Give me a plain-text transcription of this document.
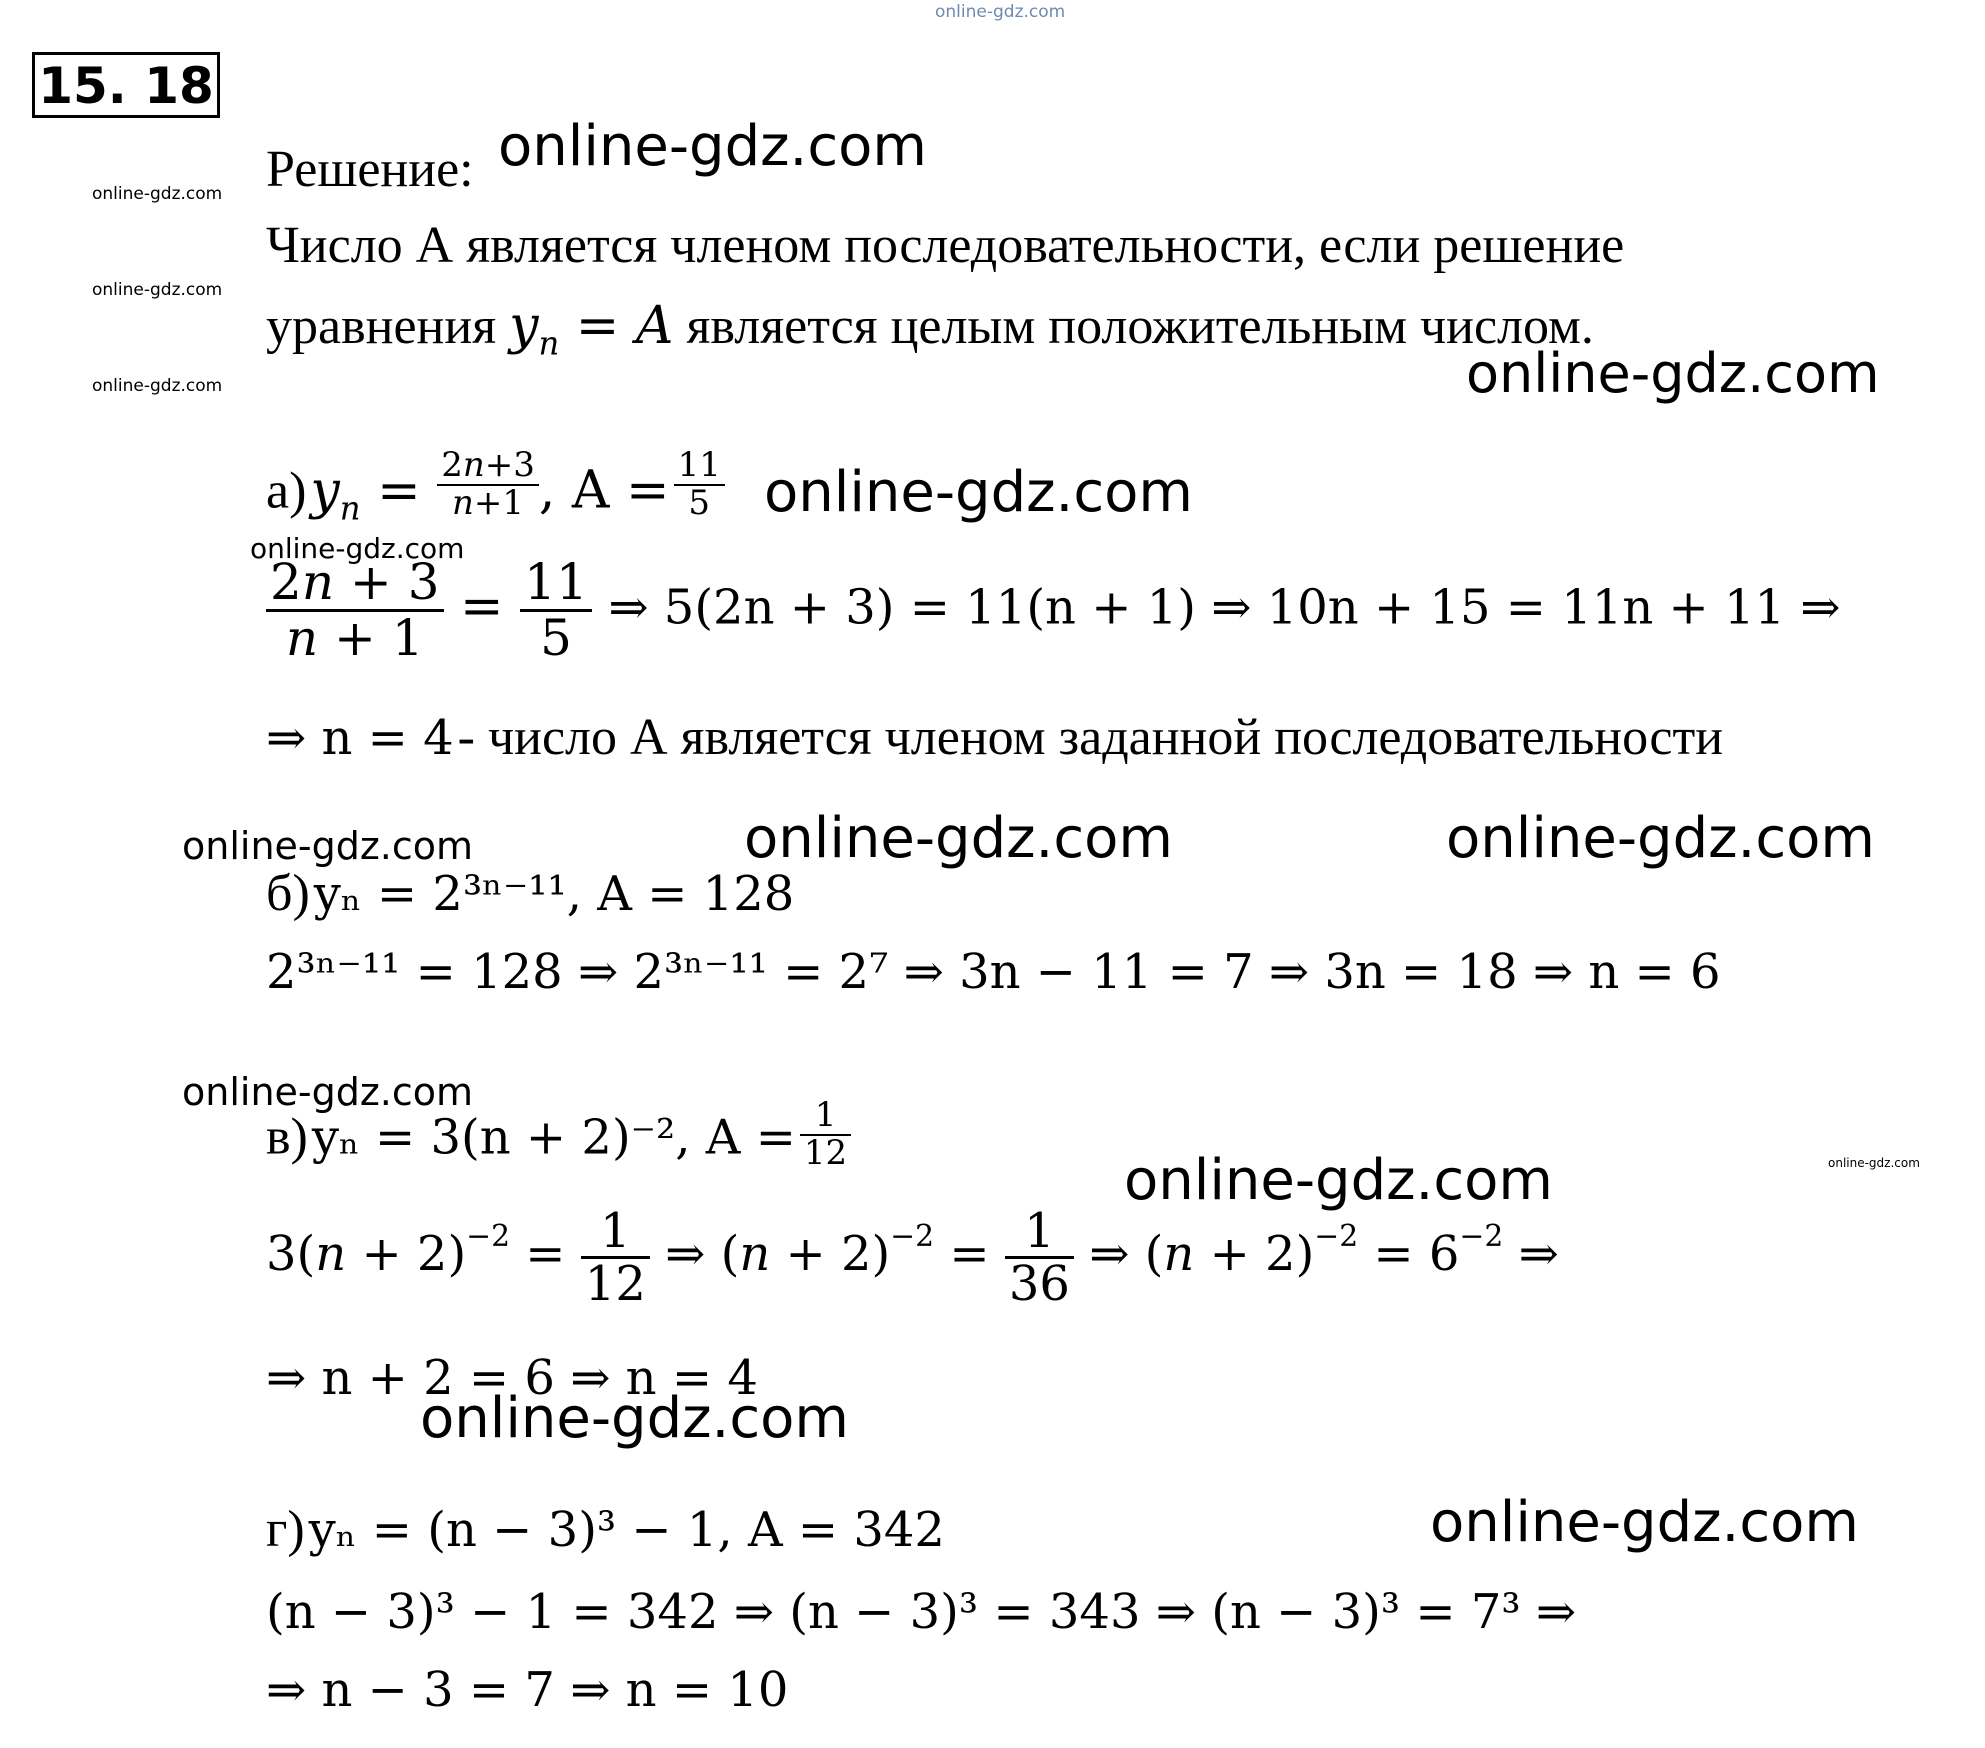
15. 18
online-gdz.com
online-gdz.com
online-gdz.com
online-gdz.com
online-gdz.com
Решение: online-gdz.com
Число А является членом последовательности, если решение
уравнения $y_n = A$ является целым положительным числом.
online-gdz.com
а) $y_n = \frac{2n+3}{n+1}$ , $A = \frac{11}{5}$ online-gdz.com
online-gdz.com
$\frac{2n + 3}{n + 1} = \frac{11}{5}$ ⇒ 5(2n + 3) = 11(n + 1) ⇒ 10n + 15 = 11n + 11 ⇒
⇒ n = 4 - число А является членом заданной последовательности
online-gdz.com	online-gdz.com	online-gdz.com
б) yₙ = 2³ⁿ⁻¹¹, A = 128
2³ⁿ⁻¹¹ = 128 ⇒ 2³ⁿ⁻¹¹ = 2⁷ ⇒ 3n − 11 = 7 ⇒ 3n = 18 ⇒ n = 6
online-gdz.com
в) yₙ = 3(n + 2)⁻², $A = \frac{1}{12}$
online-gdz.com
$3(n + 2)^{-2} = \frac{1}{12}$ ⇒ $(n + 2)^{-2} = \frac{1}{36}$ ⇒ $(n + 2)^{-2} = 6^{-2}$ ⇒
⇒ n + 2 = 6 ⇒ n = 4
online-gdz.com
online-gdz.com
г) yₙ = (n − 3)³ − 1, A = 342
(n − 3)³ − 1 = 342 ⇒ (n − 3)³ = 343 ⇒ (n − 3)³ = 7³ ⇒
⇒ n − 3 = 7 ⇒ n = 10
